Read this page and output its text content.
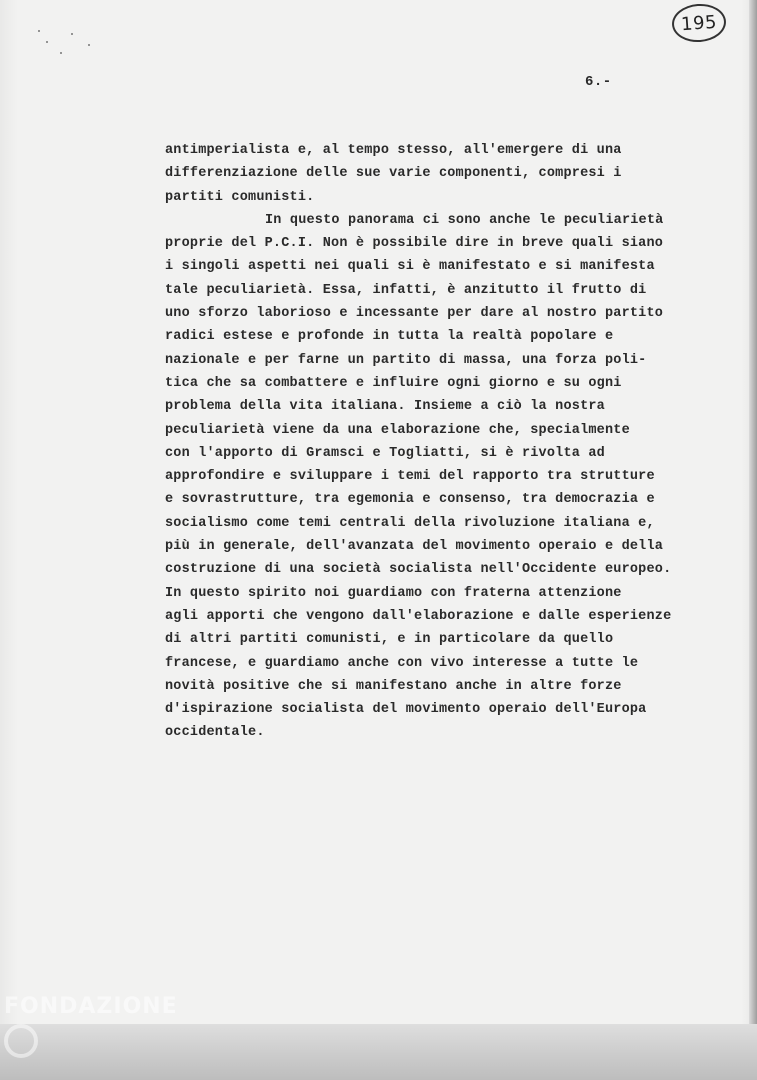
195
6.-
antimperialista e, al tempo stesso, all'emergere di una
differenziazione delle sue varie componenti, compresi i
partiti comunisti.
In questo panorama ci sono anche le peculiarietà
proprie del P.C.I. Non è possibile dire in breve quali siano
i singoli aspetti nei quali si è manifestato e si manifesta
tale peculiarietà. Essa, infatti, è anzitutto il frutto di
uno sforzo laborioso e incessante per dare al nostro partito
radici estese e profonde in tutta la realtà popolare e
nazionale e per farne un partito di massa, una forza poli-
tica che sa combattere e influire ogni giorno e su ogni
problema della vita italiana. Insieme a ciò la nostra
peculiarietà viene da una elaborazione che, specialmente
con l'apporto di Gramsci e Togliatti, si è rivolta ad
approfondire e sviluppare i temi del rapporto tra strutture
e sovrastrutture, tra egemonia e consenso, tra democrazia e
socialismo come temi centrali della rivoluzione italiana e,
più in generale, dell'avanzata del movimento operaio e della
costruzione di una società socialista nell'Occidente europeo.
In questo spirito noi guardiamo con fraterna attenzione
agli apporti che vengono dall'elaborazione e dalle esperienze
di altri partiti comunisti, e in particolare da quello
francese, e guardiamo anche con vivo interesse a tutte le
novità positive che si manifestano anche in altre forze
d'ispirazione socialista del movimento operaio dell'Europa
occidentale.
FONDAZIONE
